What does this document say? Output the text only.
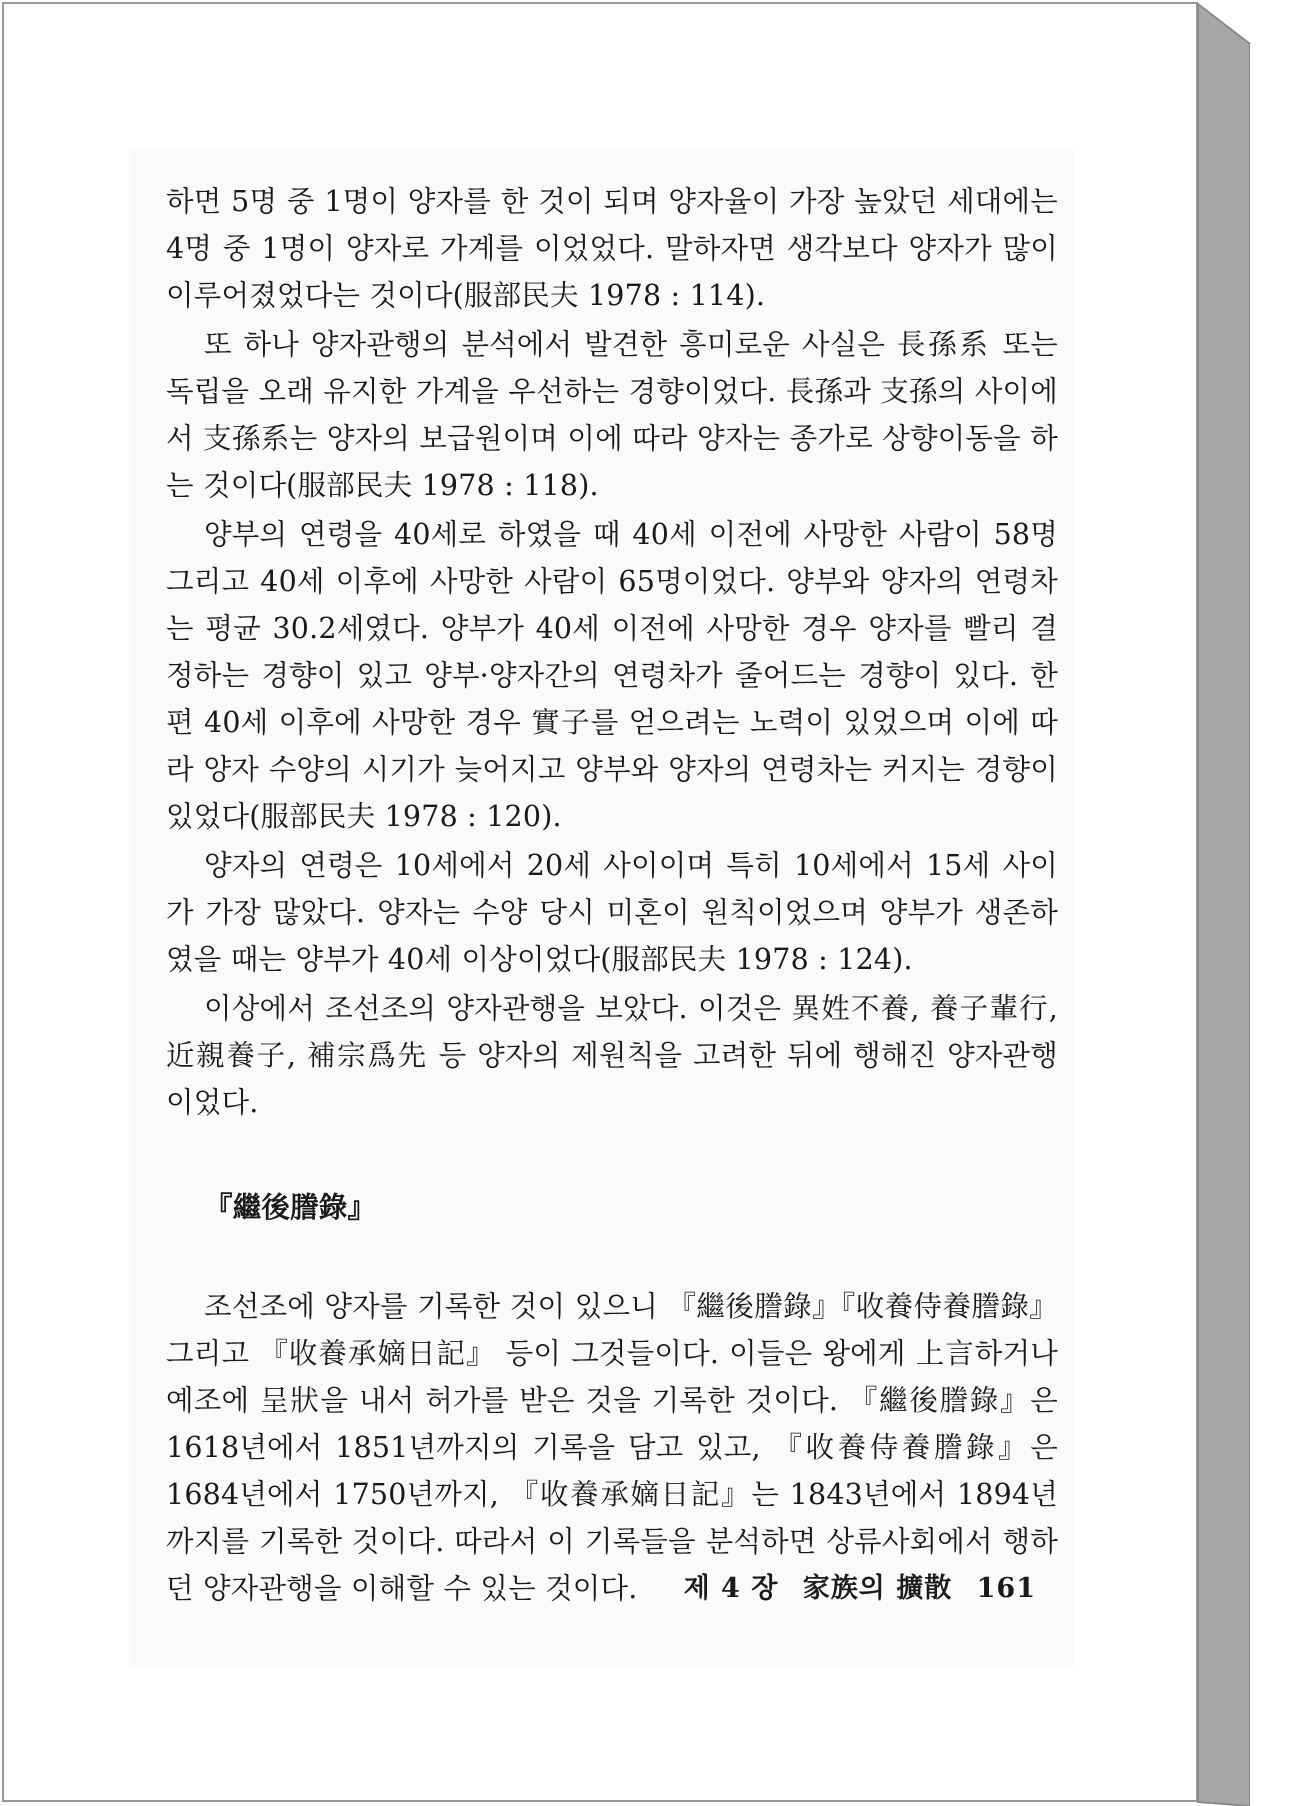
하면 5명 중 1명이 양자를 한 것이 되며 양자율이 가장 높았던 세대에는 4명 중 1명이 양자로 가계를 이었었다. 말하자면 생각보다 양자가 많이 이루어졌었다는 것이다(服部民夫 1978 : 114).

또 하나 양자관행의 분석에서 발견한 흥미로운 사실은 長孫系 또는 독립을 오래 유지한 가계을 우선하는 경향이었다. 長孫과 支孫의 사이에서 支孫系는 양자의 보급원이며 이에 따라 양자는 종가로 상향이동을 하는 것이다(服部民夫 1978 : 118).

양부의 연령을 40세로 하였을 때 40세 이전에 사망한 사람이 58명 그리고 40세 이후에 사망한 사람이 65명이었다. 양부와 양자의 연령차는 평균 30.2세였다. 양부가 40세 이전에 사망한 경우 양자를 빨리 결정하는 경향이 있고 양부·양자간의 연령차가 줄어드는 경향이 있다. 한편 40세 이후에 사망한 경우 實子를 얻으려는 노력이 있었으며 이에 따라 양자 수양의 시기가 늦어지고 양부와 양자의 연령차는 커지는 경향이 있었다(服部民夫 1978 : 120).

양자의 연령은 10세에서 20세 사이이며 특히 10세에서 15세 사이가 가장 많았다. 양자는 수양 당시 미혼이 원칙이었으며 양부가 생존하였을 때는 양부가 40세 이상이었다(服部民夫 1978 : 124).

이상에서 조선조의 양자관행을 보았다. 이것은 異姓不養, 養子輩行, 近親養子, 補宗爲先 등 양자의 제원칙을 고려한 뒤에 행해진 양자관행이었다.

『繼後謄錄』

조선조에 양자를 기록한 것이 있으니 『繼後謄錄』『收養侍養謄錄』 그리고 『收養承嫡日記』 등이 그것들이다. 이들은 왕에게 上言하거나 예조에 呈狀을 내서 허가를 받은 것을 기록한 것이다. 『繼後謄錄』은 1618년에서 1851년까지의 기록을 담고 있고, 『收養侍養謄錄』은 1684년에서 1750년까지, 『收養承嫡日記』는 1843년에서 1894년까지를 기록한 것이다. 따라서 이 기록들을 분석하면 상류사회에서 행하던 양자관행을 이해할 수 있는 것이다.	제 4 장 家族의 擴散 161
